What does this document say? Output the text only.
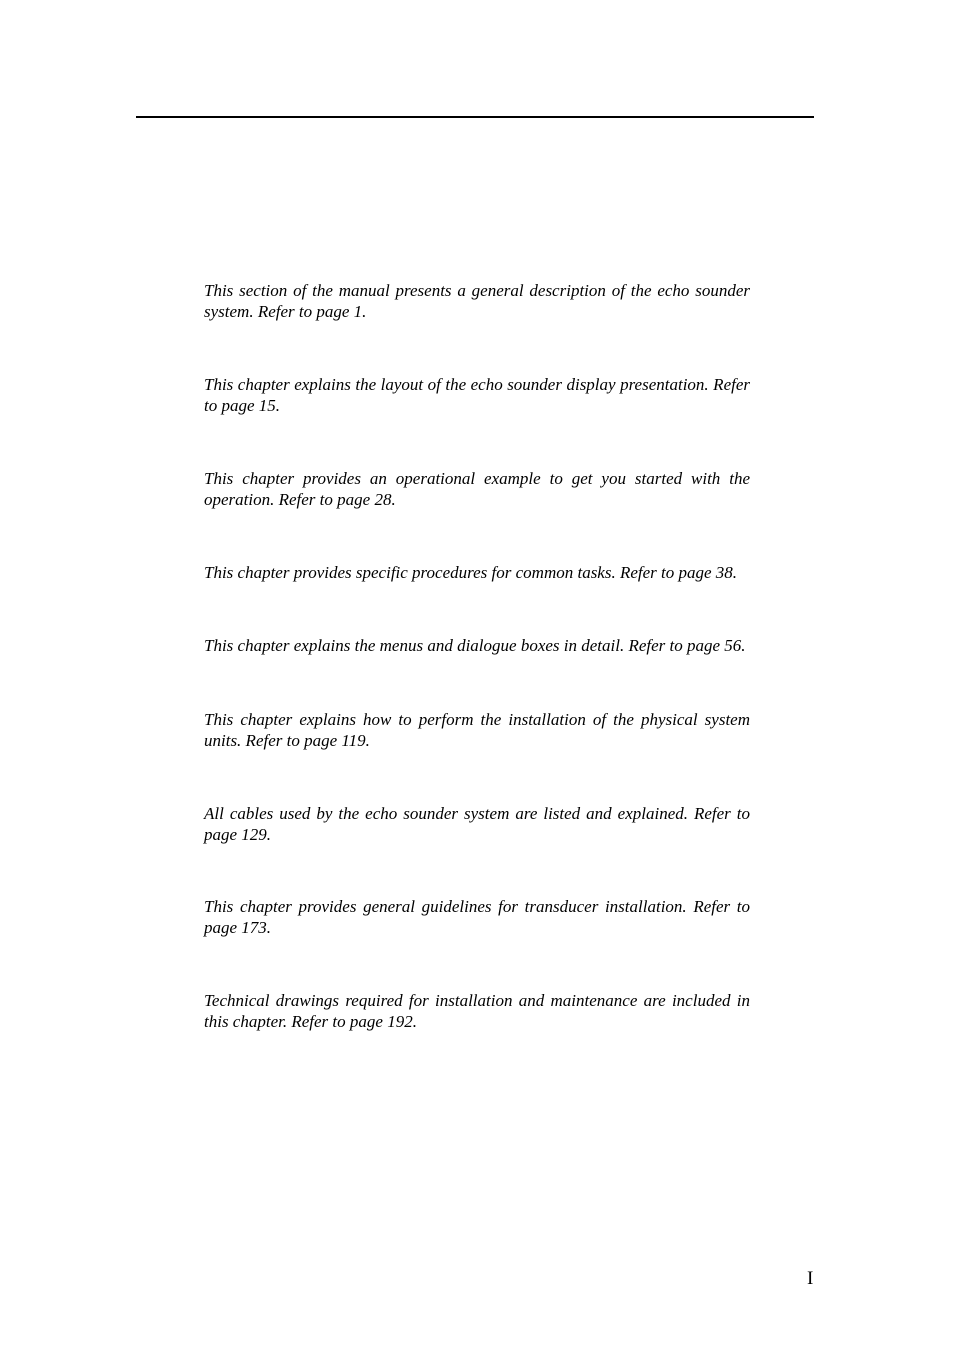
This section of the manual presents a general description of the echo sounder system. Refer to page 1.

This chapter explains the layout of the echo sounder display presentation. Refer to page 15.

This chapter provides an operational example to get you started with the operation. Refer to page 28.

This chapter provides specific procedures for common tasks. Refer to page 38.

This chapter explains the menus and dialogue boxes in detail. Refer to page 56.

This chapter explains how to perform the installation of the physical system units. Refer to page 119.

All cables used by the echo sounder system are listed and explained. Refer to page 129.

This chapter provides general guidelines for transducer installation. Refer to page 173.

Technical drawings required for installation and maintenance are included in this chapter. Refer to page 192.

I
